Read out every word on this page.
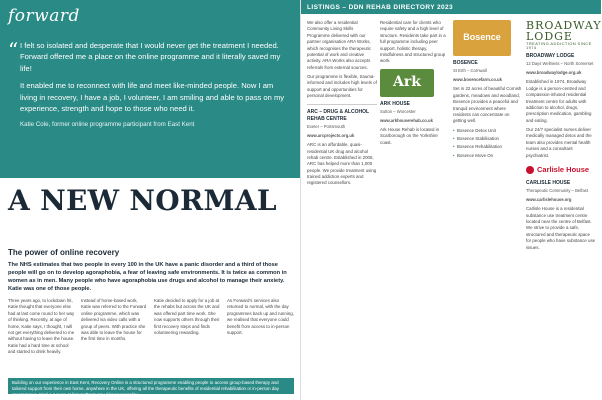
forward
“ I felt so isolated and desperate that I would never get the treatment I needed. Forward offered me a place on the online programme and it literally saved my life!

It enabled me to reconnect with life and meet like-minded people. Now I am living in recovery, I have a job, I volunteer, I am smiling and able to pass on my experience, strength and hope to those who need it.

Katie Cole, former online programme participant from East Kent

A NEW NORMAL
The power of online recovery
The NHS estimates that two people in every 100 in the UK have a panic disorder and a third of those people will go on to develop agoraphobia, a fear of leaving safe environments. It is twice as common in women as in men. Many people who have agoraphobia use drugs and alcohol to manage their anxiety. Katie was one of those people.

Three years ago, to lockdown hit, Katie thought that everyone else had at last come round to her way of thinking. Recently, at age of home, Katie says, I thought, I will not get everything delivered to me without having to leave the house. Katie had a hard time at school and started to drink heavily.

Instead of home-based work, Katie was referred to the Forward online programme, which was delivered via video calls with a group of peers. With practice she was able to leave the house for the first time in months.

Katie decided to apply for a job at the rehabs but across the UK and was offered part time work. She now supports others through their first recovery steps and finds volunteering rewarding.

As Forward's services also returned to normal, with the day programmes back up and running, we realised that everyone could benefit from access to in-person support.

Building on our experience in East Kent, Recovery Online is a structured programme enabling people to access group-based therapy and tailored support from their own home, anywhere in the UK, offering all the therapeutic benefits of residential rehabilitation or in-person day programmes. Find out more at forwardtrust.org.uk/recoveryonline
LISTINGS – DDN REHAB DIRECTORY 2023

We also offer a residential Community Living Skills Programme delivered with our partner organisation ARA Works, which recognises the therapeutic potential of work and creative activity. ARA Works also accepts referrals from external sources.

Our programme is flexible, trauma-informed and includes high levels of support and opportunities for personal development.

ARC – DRUG & ALCOHOL REHAB CENTRE
Exeter – Portsmouth
www.arcprojects.org.uk

ARC is an affordable, quasi-residential UK drug and alcohol rehab centre. Established in 2006, ARC has helped more than 1,000 people. We provide treatment using trained addiction experts and registered counsellors.

Residential care for clients who require safety and a high level of structure. Residents take part in a full programme including peer support, holistic therapy, mindfulness and structured group work.

Ark
ARK HOUSE
Sutton – Worcester
www.arkhouserehab.co.uk

Ark House Rehab is located in Scarborough on the Yorkshire coast.

Bosence
BOSENCE
St Erth – Cornwall
www.bosencefarm.co.uk

Set in 22 acres of beautiful Cornish gardens, meadows and woodland, Bosence provides a peaceful and tranquil environment where residents can concentrate on getting well.

• Bosence Detox Unit
• Bosence Stabilisation
• Bosence Rehabilitation
• Bosence Move On
BROADWAY LODGE
TREATING ADDICTION SINCE 1974
BROADWAY LODGE
12 Days Wellness – North Somerset
www.broadwaylodge.org.uk

Established in 1974, Broadway Lodge is a person-centred and compassion-infused residential treatment centre for adults with addiction to alcohol, drugs, prescription medication, gambling and eating.

Our 24/7 specialist nurses deliver medically managed detox and the team also provides mental health nurses and a consultant psychiatrist.

Carlisle House
CARLISLE HOUSE
Therapeutic Community – Belfast
www.carlislehouse.org

Carlisle House is a residential substance use treatment centre located near the centre of Belfast. We strive to provide a safe, structured and therapeutic space for people who have substance use issues.
